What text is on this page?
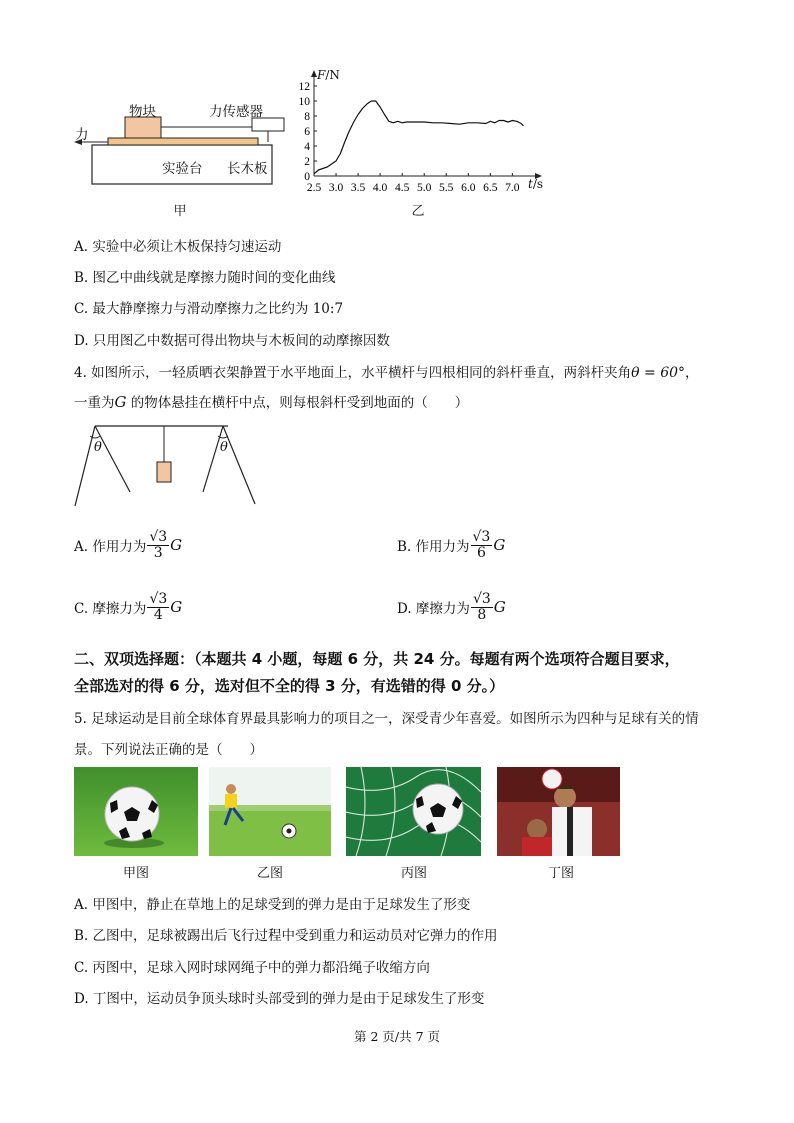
物块	力传感器
力
实验台 长木板
甲
0
2
4
6
8
10
12
2.5 3.0 3.5 4.0 4.5 5.0 5.5 6.0 6.5 7.0
F/N
t/s
乙
A. 实验中必须让木板保持匀速运动
B. 图乙中曲线就是摩擦力随时间的变化曲线
C. 最大静摩擦力与滑动摩擦力之比约为 10:7
D. 只用图乙中数据可得出物块与木板间的动摩擦因数
4. 如图所示，一轻质晒衣架静置于水平地面上，水平横杆与四根相同的斜杆垂直，两斜杆夹角θ = 60°，
一重为G 的物体悬挂在横杆中点，则每根斜杆受到地面的（　　）
θ	θ
A. 作用力为 $\frac{√3}{3}$ G	B. 作用力为 $\frac{√3}{6}$ G
C. 摩擦力为 $\frac{√3}{4}$ G	D. 摩擦力为 $\frac{√3}{8}$ G
二、双项选择题：（本题共 4 小题，每题 6 分，共 24 分。每题有两个选项符合题目要求，
全部选对的得 6 分，选对但不全的得 3 分，有选错的得 0 分。）
5. 足球运动是目前全球体育界最具影响力的项目之一，深受青少年喜爱。如图所示为四种与足球有关的情
景。下列说法正确的是（　　）
甲图	乙图	丙图	丁图
A. 甲图中，静止在草地上的足球受到的弹力是由于足球发生了形变
B. 乙图中，足球被踢出后飞行过程中受到重力和运动员对它弹力的作用
C. 丙图中，足球入网时球网绳子中的弹力都沿绳子收缩方向
D. 丁图中，运动员争顶头球时头部受到的弹力是由于足球发生了形变
第 2 页/共 7 页
